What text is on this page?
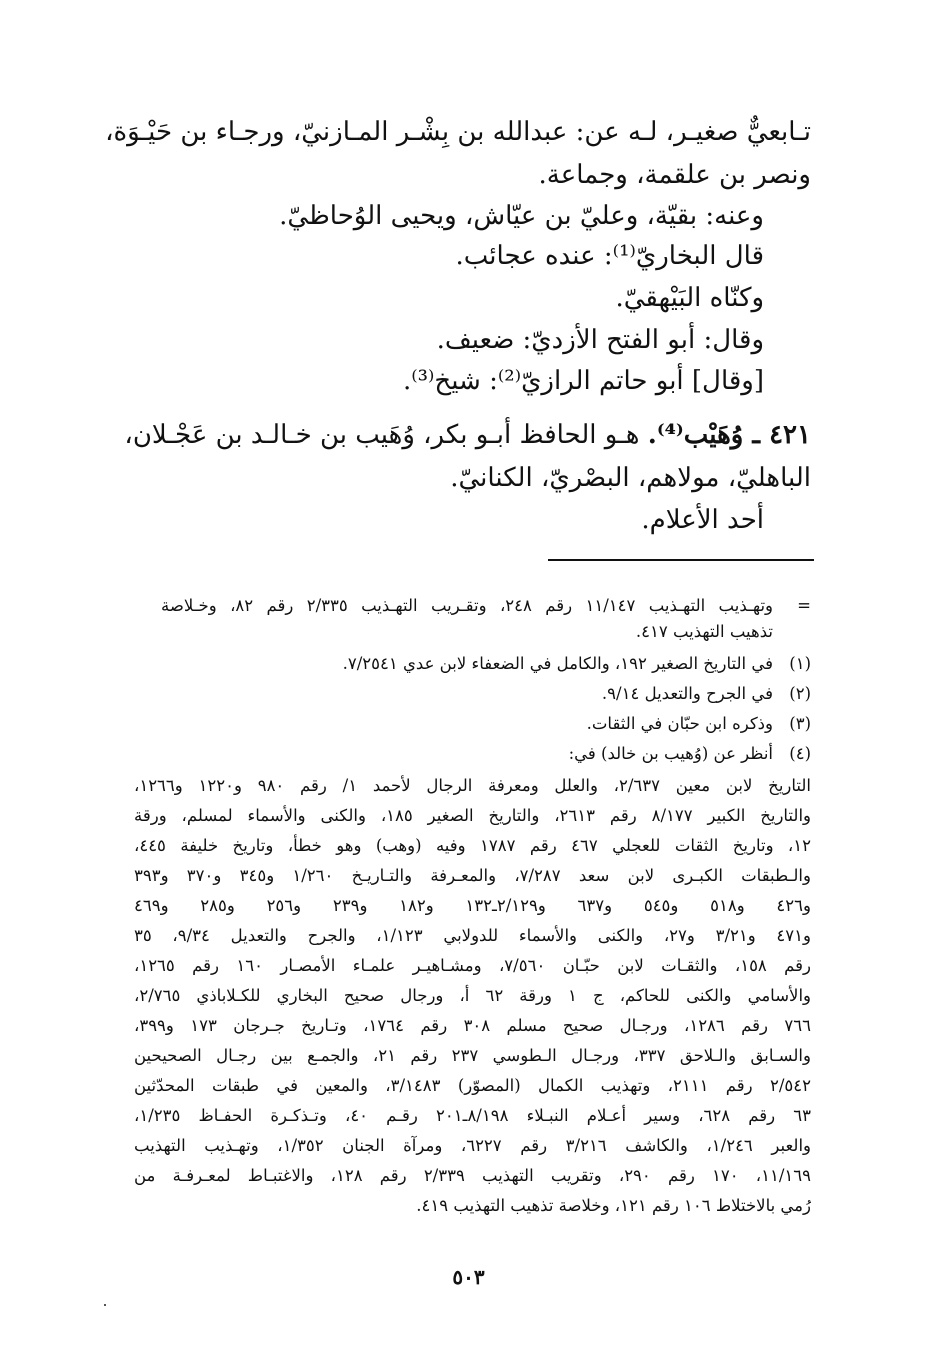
تـابعيٌّ صغيـر، لـه عن: عبدالله بن بِشْـر المـازنيّ، ورجـاء بن حَيْـوَة،
ونصر بن علقمة، وجماعة.
وعنه: بقيّة، وعليّ بن عيّاش، ويحيى الوُحاظيّ.
قال البخاريّ⁽¹⁾: عنده عجائب.
وكنّاه البَيْهقيّ.
وقال: أبو الفتح الأزديّ: ضعيف.
[وقال] أبو حاتم الرازيّ⁽²⁾: شيخ⁽³⁾.
٤٢١ ـ وُهَيْب⁽⁴⁾. هـو الحافظ أبـو بكر، وُهَيب بن خـالـد بن عَجْـلان،
الباهليّ، مولاهم، البصْريّ، الكنانيّ.
أحد الأعلام.
=وتهـذيب التهـذيب ١١/١٤٧ رقم ٢٤٨، وتقـريب التهـذيب ٢/٣٣٥ رقم ٨٢، وخـلاصة
تذهيب التهذيب ٤١٧.
(١)في التاريخ الصغير ١٩٢، والكامل في الضعفاء لابن عدي ٧/٢٥٤١.
(٢)في الجرح والتعديل ٩/١٤.
(٣)وذكره ابن حبّان في الثقات.
(٤)أنظر عن (وُهيب بن خالد) في:
التاريخ لابن معين ٢/٦٣٧، والعلل ومعرفة الرجال لأحمد ١/ رقم ٩٨٠ و١٢٢٠ و١٢٦٦،
والتاريخ الكبير ٨/١٧٧ رقم ٢٦١٣، والتاريخ الصغير ١٨٥، والكنى والأسماء لمسلم، ورقة
١٢، وتاريخ الثقات للعجلي ٤٦٧ رقم ١٧٨٧ وفيه (وهب) وهو خطأ، وتاريخ خليفة ٤٤٥،
والـطبقات الكبـرى لابن سعد ٧/٢٨٧، والمعـرفة والتـاريـخ ١/٢٦٠ و٣٤٥ و٣٧٠ و٣٩٣
و٤٢٦ و٥١٨ و٥٤٥ و٦٣٧ و٢/١٢٩ـ١٣٢ و١٨٢ و٢٣٩ و٢٥٦ و٢٨٥ و٤٦٩
و٤٧١ و٣/٢١ و٢٧، والكنى والأسماء للدولابي ١/١٢٣، والجرح والتعديل ٩/٣٤، ٣٥
رقم ١٥٨، والثقـات لابن حبّـان ٧/٥٦٠، ومشـاهيـر علمـاء الأمصـار ١٦٠ رقم ١٢٦٥،
والأسامي والكنى للحاكم، ج ١ ورقة ٦٢ أ، ورجال صحيح البخاري للكـلاباذي ٢/٧٦٥،
٧٦٦ رقم ١٢٨٦، ورجـال صحيح مسلم ٣٠٨ رقم ١٧٦٤، وتـاريخ جـرجان ١٧٣ و٣٩٩،
والسـابق والـلاحق ٣٣٧، ورجـال الـطوسي ٢٣٧ رقم ٢١، والجمـع بين رجـال الصحيحين
٢/٥٤٢ رقم ٢١١١، وتهذيب الكمال (المصوّر) ٣/١٤٨٣، والمعين في طبقات المحدّثين
٦٣ رقم ٦٢٨، وسير أعـلام النبـلاء ٨/١٩٨ـ٢٠١ رقـم ٤٠، وتـذكـرة الحفـاظ ١/٢٣٥،
والعبر ١/٢٤٦، والكاشف ٣/٢١٦ رقم ٦٢٢٧، ومرآة الجنان ١/٣٥٢، وتهـذيب التهذيب
١١/١٦٩، ١٧٠ رقم ٢٩٠، وتقريب التهذيب ٢/٣٣٩ رقم ١٢٨، والاغتبـاط لمعـرفـة من
رُمي بالاختلاط ١٠٦ رقم ١٢١، وخلاصة تذهيب التهذيب ٤١٩.
٥٠٣
